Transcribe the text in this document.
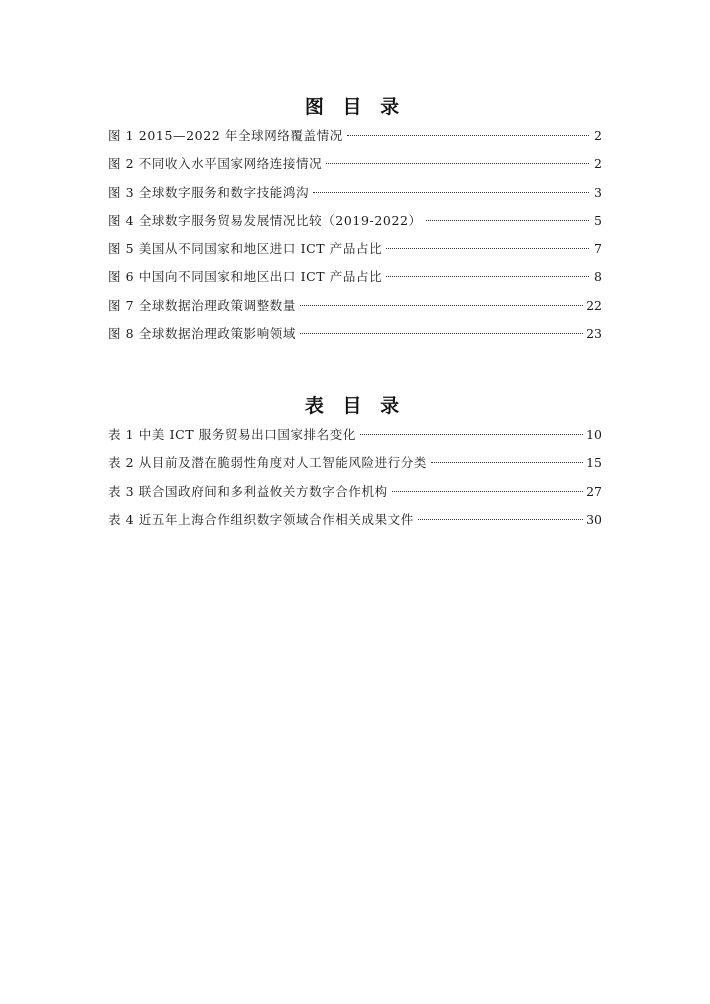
图 目 录
图 1 2015—2022 年全球网络覆盖情况	2
图 2 不同收入水平国家网络连接情况	2
图 3 全球数字服务和数字技能鸿沟	3
图 4 全球数字服务贸易发展情况比较（2019-2022）	5
图 5 美国从不同国家和地区进口 ICT 产品占比	7
图 6 中国向不同国家和地区出口 ICT 产品占比	8
图 7 全球数据治理政策调整数量	22
图 8 全球数据治理政策影响领域	23
表 目 录
表 1 中美 ICT 服务贸易出口国家排名变化	10
表 2 从目前及潜在脆弱性角度对人工智能风险进行分类	15
表 3 联合国政府间和多利益攸关方数字合作机构	27
表 4 近五年上海合作组织数字领域合作相关成果文件	30
